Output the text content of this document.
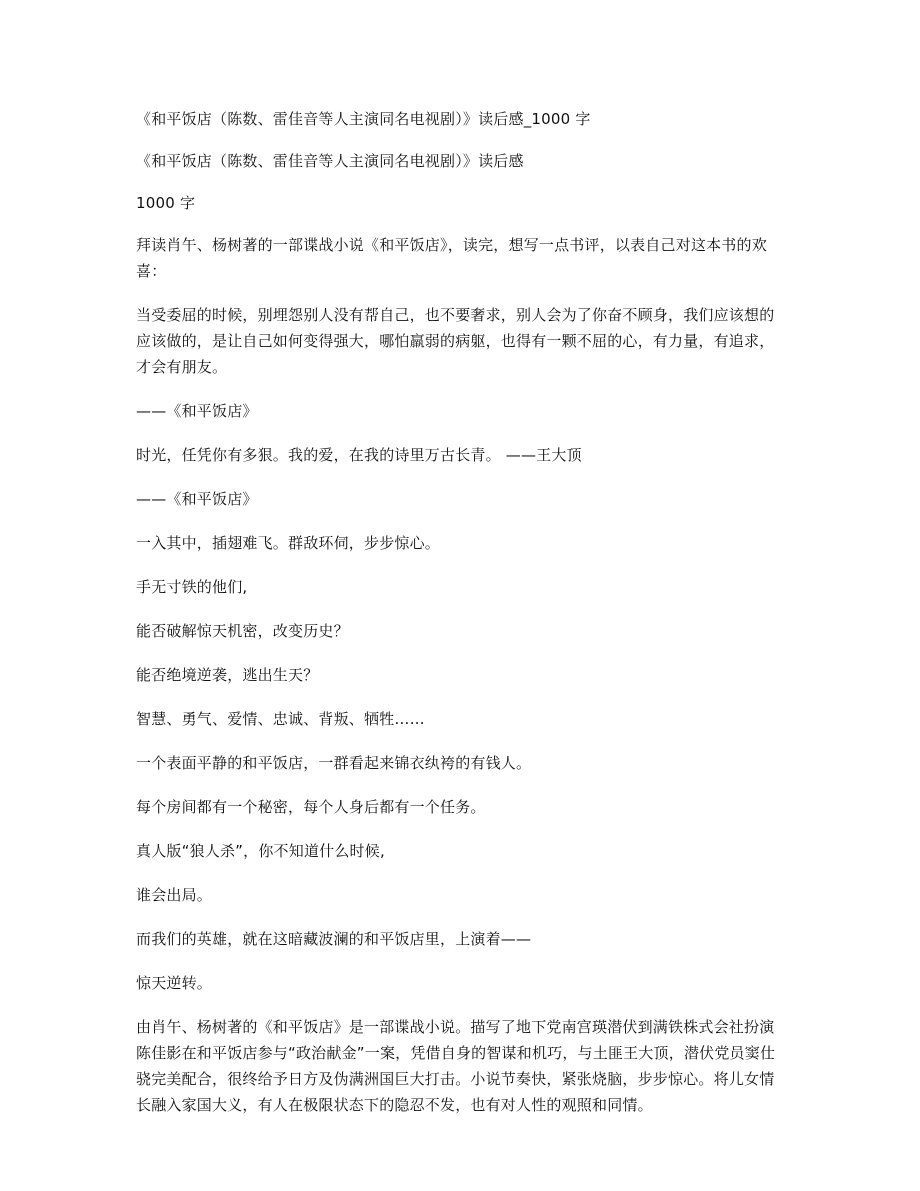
《和平饭店（陈数、雷佳音等人主演同名电视剧）》读后感_1000 字

《和平饭店（陈数、雷佳音等人主演同名电视剧）》读后感

1000 字

拜读肖午、杨树著的一部谍战小说《和平饭店》，读完，想写一点书评，以表自己对这本书的欢喜：

当受委屈的时候，别埋怨别人没有帮自己，也不要奢求，别人会为了你奋不顾身，我们应该想的应该做的，是让自己如何变得强大，哪怕羸弱的病躯，也得有一颗不屈的心，有力量，有追求，才会有朋友。

——《和平饭店》

时光，任凭你有多狠。我的爱，在我的诗里万古长青。 ——王大顶

——《和平饭店》

一入其中，插翅难飞。群敌环伺，步步惊心。

手无寸铁的他们,

能否破解惊天机密，改变历史？

能否绝境逆袭，逃出生天？

智慧、勇气、爱情、忠诚、背叛、牺牲……

一个表面平静的和平饭店，一群看起来锦衣纨袴的有钱人。

每个房间都有一个秘密，每个人身后都有一个任务。

真人版“狼人杀”，你不知道什么时候,

谁会出局。

而我们的英雄，就在这暗藏波澜的和平饭店里，上演着——

惊天逆转。

由肖午、杨树著的《和平饭店》是一部谍战小说。描写了地下党南宫瑛潜伏到满铁株式会社扮演陈佳影在和平饭店参与“政治献金”一案，凭借自身的智谋和机巧，与土匪王大顶，潜伏党员窦仕骁完美配合，很终给予日方及伪满洲国巨大打击。小说节奏快，紧张烧脑，步步惊心。将儿女情长融入家国大义，有人在极限状态下的隐忍不发，也有对人性的观照和同情。
